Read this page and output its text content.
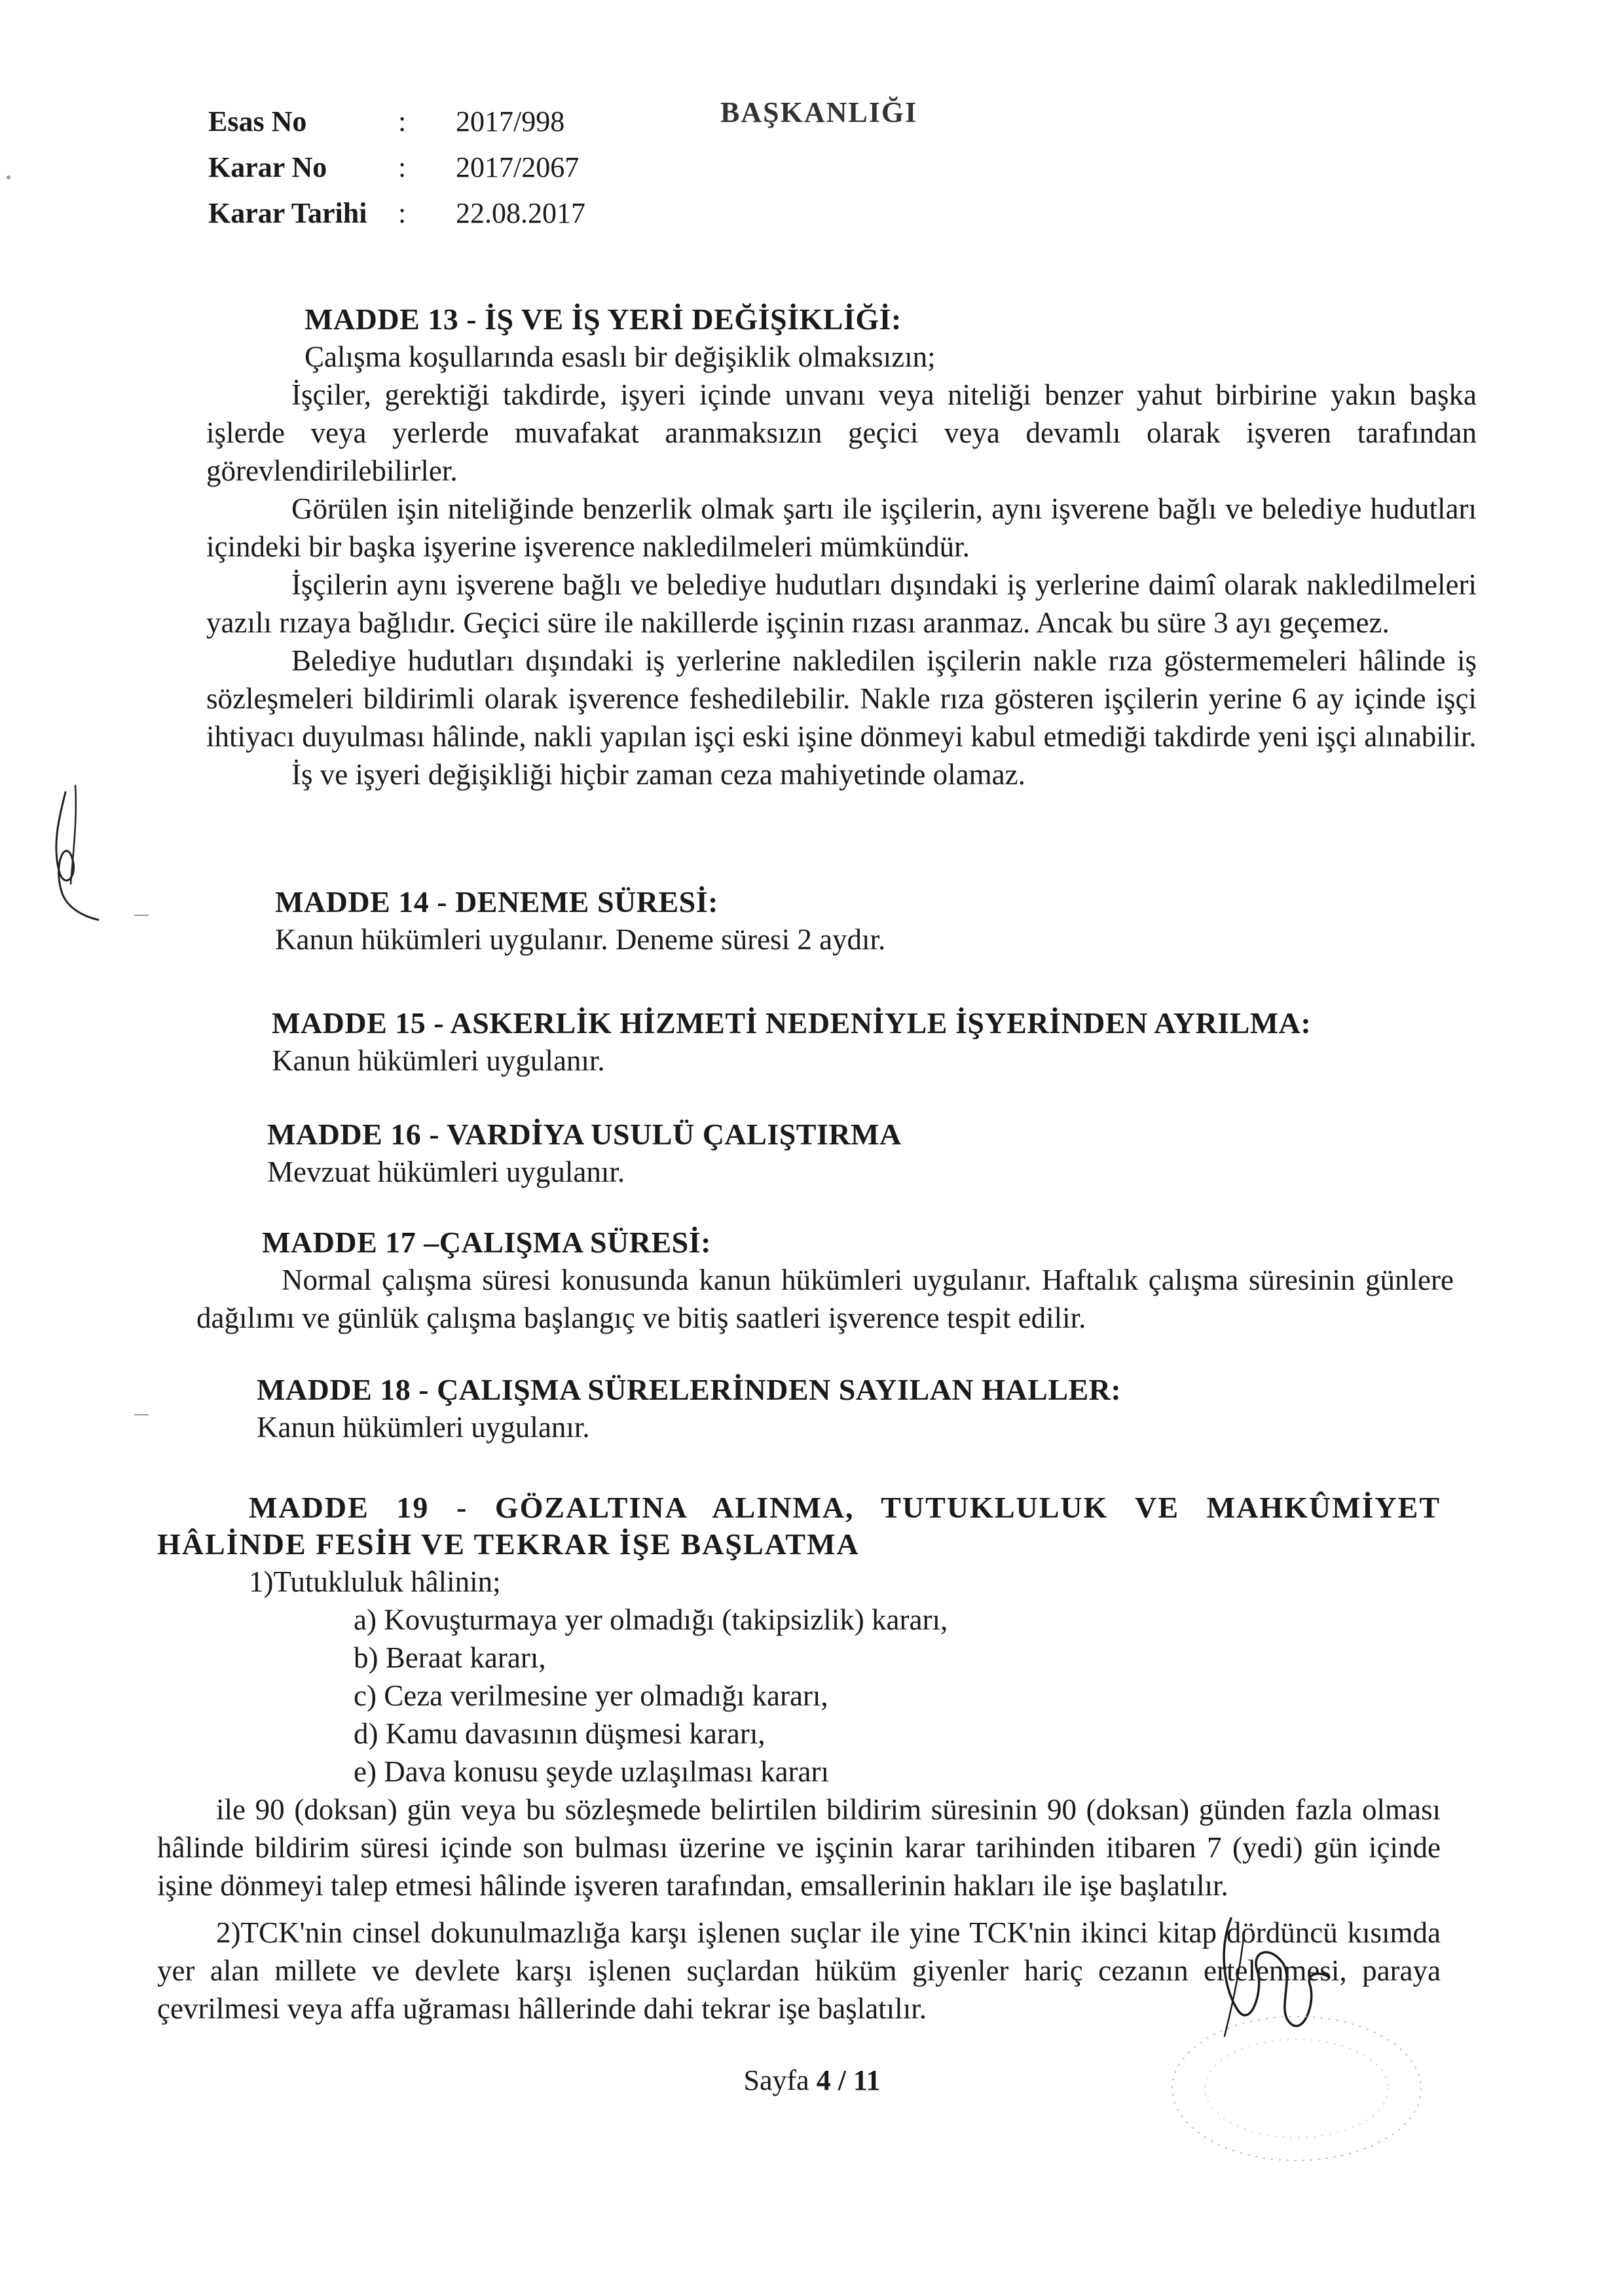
Esas No	: 2017/998
Karar No : 2017/2067
Karar Tarihi : 22.08.2017
BAŞKANLIĞI
MADDE 13 - İŞ VE İŞ YERİ DEĞİŞİKLİĞİ:

Çalışma koşullarında esaslı bir değişiklik olmaksızın;

İşçiler, gerektiği takdirde, işyeri içinde unvanı veya niteliği benzer yahut birbirine yakın başka işlerde veya yerlerde muvafakat aranmaksızın geçici veya devamlı olarak işveren tarafından görevlendirilebilirler.

Görülen işin niteliğinde benzerlik olmak şartı ile işçilerin, aynı işverene bağlı ve belediye hudutları içindeki bir başka işyerine işverence nakledilmeleri mümkündür.

İşçilerin aynı işverene bağlı ve belediye hudutları dışındaki iş yerlerine daimî olarak nakledilmeleri yazılı rızaya bağlıdır. Geçici süre ile nakillerde işçinin rızası aranmaz. Ancak bu süre 3 ayı geçemez.

Belediye hudutları dışındaki iş yerlerine nakledilen işçilerin nakle rıza göstermemeleri hâlinde iş sözleşmeleri bildirimli olarak işverence feshedilebilir. Nakle rıza gösteren işçilerin yerine 6 ay içinde işçi ihtiyacı duyulması hâlinde, nakli yapılan işçi eski işine dönmeyi kabul etmediği takdirde yeni işçi alınabilir.

İş ve işyeri değişikliği hiçbir zaman ceza mahiyetinde olamaz.

MADDE 14 - DENEME SÜRESİ:

Kanun hükümleri uygulanır. Deneme süresi 2 aydır.

MADDE 15 - ASKERLİK HİZMETİ NEDENİYLE İŞYERİNDEN AYRILMA:

Kanun hükümleri uygulanır.

MADDE 16 - VARDİYA USULÜ ÇALIŞTIRMA

Mevzuat hükümleri uygulanır.

MADDE 17 –ÇALIŞMA SÜRESİ:

Normal çalışma süresi konusunda kanun hükümleri uygulanır. Haftalık çalışma süresinin günlere dağılımı ve günlük çalışma başlangıç ve bitiş saatleri işverence tespit edilir.

MADDE 18 - ÇALIŞMA SÜRELERİNDEN SAYILAN HALLER:

Kanun hükümleri uygulanır.

MADDE 19 - GÖZALTINA ALINMA, TUTUKLULUK VE MAHKÛMİYET HÂLİNDE FESİH VE TEKRAR İŞE BAŞLATMA

1)Tutukluluk hâlinin;

a) Kovuşturmaya yer olmadığı (takipsizlik) kararı,
b) Beraat kararı,
c) Ceza verilmesine yer olmadığı kararı,
d) Kamu davasının düşmesi kararı,
e) Dava konusu şeyde uzlaşılması kararı

ile 90 (doksan) gün veya bu sözleşmede belirtilen bildirim süresinin 90 (doksan) günden fazla olması hâlinde bildirim süresi içinde son bulması üzerine ve işçinin karar tarihinden itibaren 7 (yedi) gün içinde işine dönmeyi talep etmesi hâlinde işveren tarafından, emsallerinin hakları ile işe başlatılır.

2)TCK'nin cinsel dokunulmazlığa karşı işlenen suçlar ile yine TCK'nin ikinci kitap dördüncü kısımda yer alan millete ve devlete karşı işlenen suçlardan hüküm giyenler hariç cezanın ertelenmesi, paraya çevrilmesi veya affa uğraması hâllerinde dahi tekrar işe başlatılır.

Sayfa 4 / 11
